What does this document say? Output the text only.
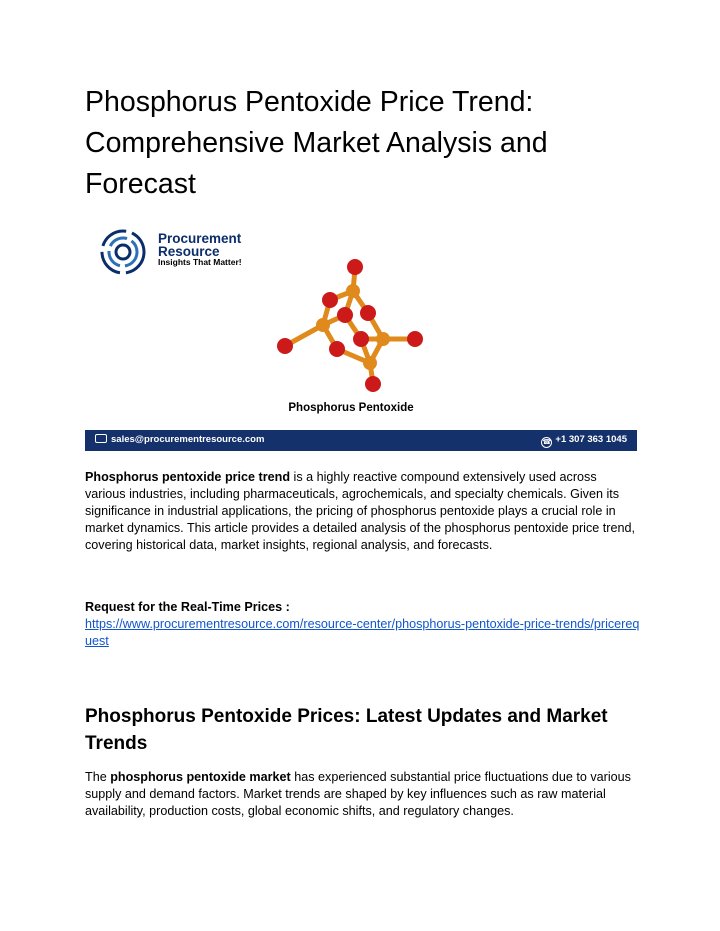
Phosphorus Pentoxide Price Trend: Comprehensive Market Analysis and Forecast
Procurement
Resource
Insights That Matter!
Phosphorus Pentoxide
sales@procurementresource.com	☎ +1 307 363 1045

Phosphorus pentoxide price trend is a highly reactive compound extensively used across various industries, including pharmaceuticals, agrochemicals, and specialty chemicals. Given its significance in industrial applications, the pricing of phosphorus pentoxide plays a crucial role in market dynamics. This article provides a detailed analysis of the phosphorus pentoxide price trend, covering historical data, market insights, regional analysis, and forecasts.

Request for the Real-Time Prices :
https://www.procurementresource.com/resource-center/phosphorus-pentoxide-price-trends/pricerequest

Phosphorus Pentoxide Prices: Latest Updates and Market Trends

The phosphorus pentoxide market has experienced substantial price fluctuations due to various supply and demand factors. Market trends are shaped by key influences such as raw material availability, production costs, global economic shifts, and regulatory changes.
